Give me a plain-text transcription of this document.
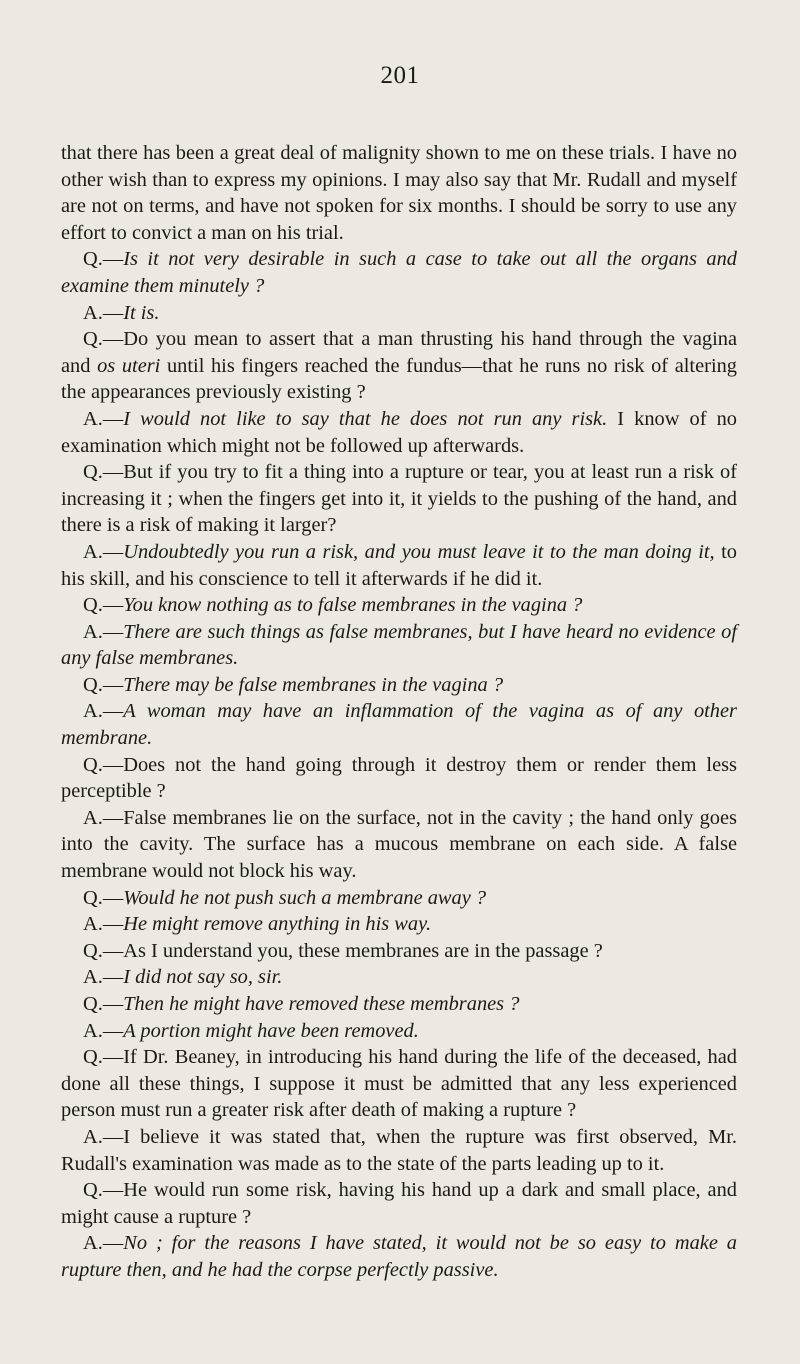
201

that there has been a great deal of malignity shown to me on these trials. I have no other wish than to express my opinions. I may also say that Mr. Rudall and myself are not on terms, and have not spoken for six months. I should be sorry to use any effort to convict a man on his trial.

Q.—Is it not very desirable in such a case to take out all the organs and examine them minutely ?

A.—It is.

Q.—Do you mean to assert that a man thrusting his hand through the vagina and os uteri until his fingers reached the fundus—that he runs no risk of altering the appearances previously existing ?

A.—I would not like to say that he does not run any risk. I know of no examination which might not be followed up afterwards.

Q.—But if you try to fit a thing into a rupture or tear, you at least run a risk of increasing it ; when the fingers get into it, it yields to the pushing of the hand, and there is a risk of making it larger?

A.—Undoubtedly you run a risk, and you must leave it to the man doing it, to his skill, and his conscience to tell it afterwards if he did it.

Q.—You know nothing as to false membranes in the vagina ?

A.—There are such things as false membranes, but I have heard no evidence of any false membranes.

Q.—There may be false membranes in the vagina ?

A.—A woman may have an inflammation of the vagina as of any other membrane.

Q.—Does not the hand going through it destroy them or render them less perceptible ?

A.—False membranes lie on the surface, not in the cavity ; the hand only goes into the cavity. The surface has a mucous membrane on each side. A false membrane would not block his way.

Q.—Would he not push such a membrane away ?

A.—He might remove anything in his way.

Q.—As I understand you, these membranes are in the passage ?

A.—I did not say so, sir.

Q.—Then he might have removed these membranes ?

A.—A portion might have been removed.

Q.—If Dr. Beaney, in introducing his hand during the life of the deceased, had done all these things, I suppose it must be admitted that any less experienced person must run a greater risk after death of making a rupture ?

A.—I believe it was stated that, when the rupture was first observed, Mr. Rudall's examination was made as to the state of the parts leading up to it.

Q.—He would run some risk, having his hand up a dark and small place, and might cause a rupture ?

A.—No ; for the reasons I have stated, it would not be so easy to make a rupture then, and he had the corpse perfectly passive.
